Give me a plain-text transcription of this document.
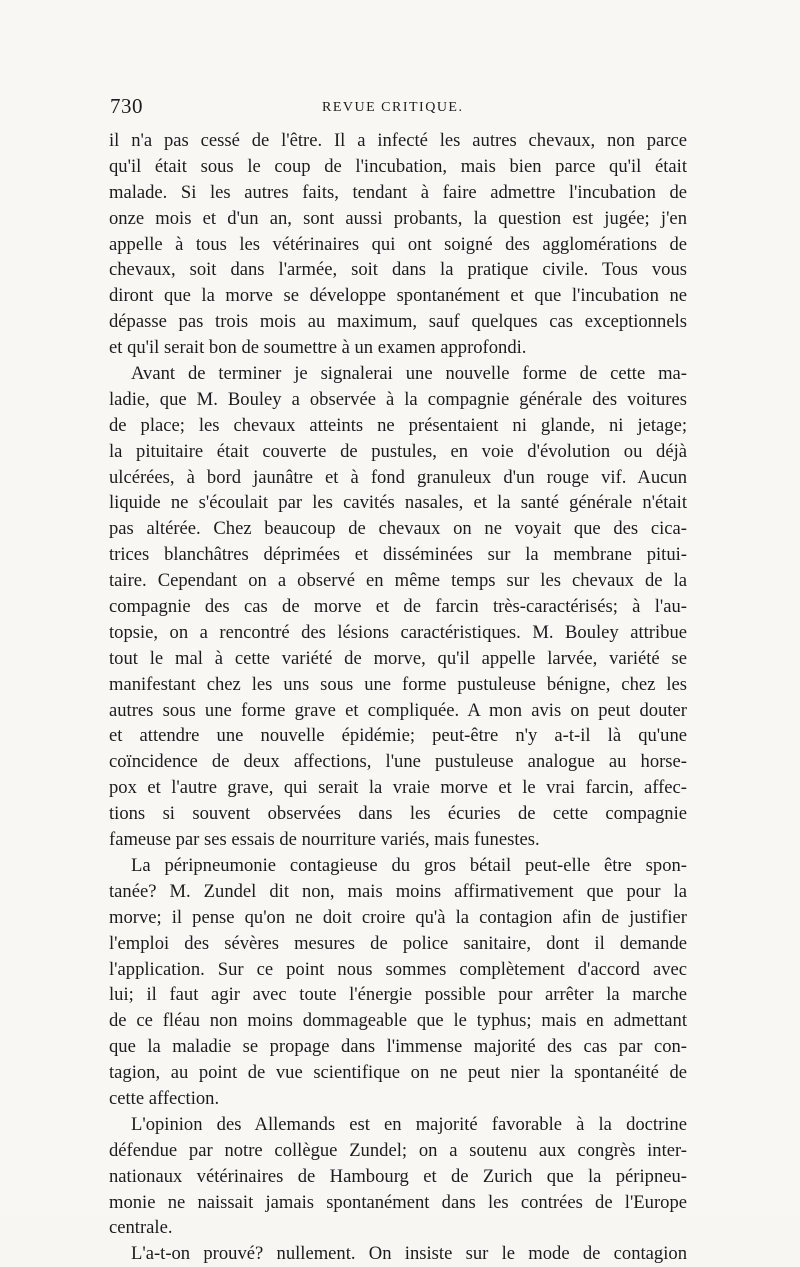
730	REVUE CRITIQUE.
il n'a pas cessé de l'être. Il a infecté les autres chevaux, non parce
qu'il était sous le coup de l'incubation, mais bien parce qu'il était
malade. Si les autres faits, tendant à faire admettre l'incubation de
onze mois et d'un an, sont aussi probants, la question est jugée; j'en
appelle à tous les vétérinaires qui ont soigné des agglomérations de
chevaux, soit dans l'armée, soit dans la pratique civile. Tous vous
diront que la morve se développe spontanément et que l'incubation ne
dépasse pas trois mois au maximum, sauf quelques cas exceptionnels
et qu'il serait bon de soumettre à un examen approfondi.
Avant de terminer je signalerai une nouvelle forme de cette ma-
ladie, que M. Bouley a observée à la compagnie générale des voitures
de place; les chevaux atteints ne présentaient ni glande, ni jetage;
la pituitaire était couverte de pustules, en voie d'évolution ou déjà
ulcérées, à bord jaunâtre et à fond granuleux d'un rouge vif. Aucun
liquide ne s'écoulait par les cavités nasales, et la santé générale n'était
pas altérée. Chez beaucoup de chevaux on ne voyait que des cica-
trices blanchâtres déprimées et disséminées sur la membrane pitui-
taire. Cependant on a observé en même temps sur les chevaux de la
compagnie des cas de morve et de farcin très-caractérisés; à l'au-
topsie, on a rencontré des lésions caractéristiques. M. Bouley attribue
tout le mal à cette variété de morve, qu'il appelle larvée, variété se
manifestant chez les uns sous une forme pustuleuse bénigne, chez les
autres sous une forme grave et compliquée. A mon avis on peut douter
et attendre une nouvelle épidémie; peut-être n'y a-t-il là qu'une
coïncidence de deux affections, l'une pustuleuse analogue au horse-
pox et l'autre grave, qui serait la vraie morve et le vrai farcin, affec-
tions si souvent observées dans les écuries de cette compagnie
fameuse par ses essais de nourriture variés, mais funestes.
La péripneumonie contagieuse du gros bétail peut-elle être spon-
tanée? M. Zundel dit non, mais moins affirmativement que pour la
morve; il pense qu'on ne doit croire qu'à la contagion afin de justifier
l'emploi des sévères mesures de police sanitaire, dont il demande
l'application. Sur ce point nous sommes complètement d'accord avec
lui; il faut agir avec toute l'énergie possible pour arrêter la marche
de ce fléau non moins dommageable que le typhus; mais en admettant
que la maladie se propage dans l'immense majorité des cas par con-
tagion, au point de vue scientifique on ne peut nier la spontanéité de
cette affection.
L'opinion des Allemands est en majorité favorable à la doctrine
défendue par notre collègue Zundel; on a soutenu aux congrès inter-
nationaux vétérinaires de Hambourg et de Zurich que la péripneu-
monie ne naissait jamais spontanément dans les contrées de l'Europe
centrale.
L'a-t-on prouvé? nullement. On insiste sur le mode de contagion
